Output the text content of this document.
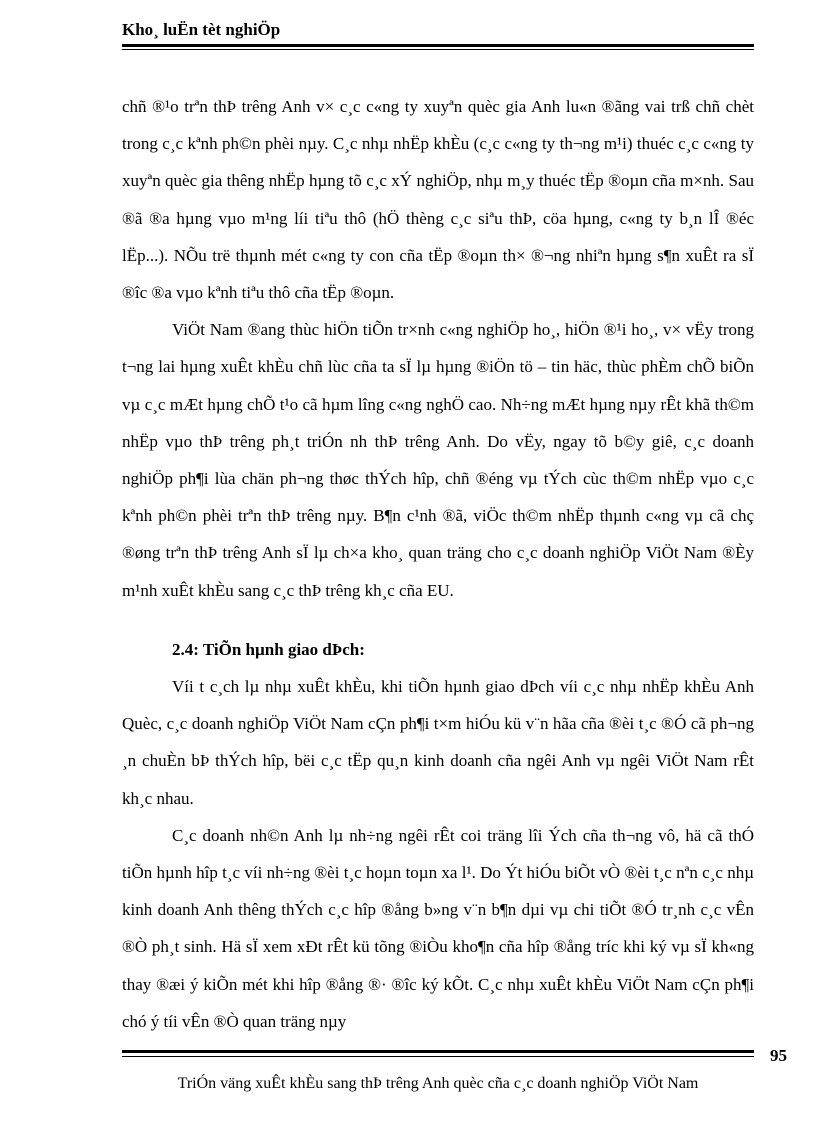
Kho¸ luËn tèt nghiÖp

chñ ®¹o trªn thÞ trêng Anh v× c¸c c«ng ty xuyªn quèc gia Anh lu«n ®ãng vai trß chñ chèt trong c¸c kªnh ph©n phèi nµy. C¸c nhµ nhËp khÈu (c¸c c«ng ty th¬ng m¹i) thuéc c¸c c«ng ty xuyªn quèc gia thêng nhËp hµng tõ c¸c xÝ nghiÖp, nhµ m¸y thuéc tËp ®oµn cña m×nh. Sau ®ã ®a hµng vµo m¹ng líi tiªu thô (hÖ thèng c¸c siªu thÞ, cöa hµng, c«ng ty b¸n lÎ ®éc lËp...). NÕu trë thµnh mét c«ng ty con cña tËp ®oµn th× ®¬ng nhiªn hµng s¶n xuÊt ra sÏ ®îc ®a vµo kªnh tiªu thô cña tËp ®oµn.

ViÖt Nam ®ang thùc hiÖn tiÕn tr×nh c«ng nghiÖp ho¸, hiÖn ®¹i ho¸, v× vËy trong t¬ng lai hµng xuÊt khÈu chñ lùc cña ta sÏ lµ hµng ®iÖn tö – tin häc, thùc phÈm chÕ biÕn vµ c¸c mÆt hµng chÕ t¹o cã hµm lîng c«ng nghÖ cao. Nh÷ng mÆt hµng nµy rÊt khã th©m nhËp vµo thÞ trêng ph¸t triÓn nh thÞ trêng Anh. Do vËy, ngay tõ b©y giê, c¸c doanh nghiÖp ph¶i lùa chän ph¬ng thøc thÝch hîp, chñ ®éng vµ tÝch cùc th©m nhËp vµo c¸c kªnh ph©n phèi trªn thÞ trêng nµy. B¶n c¹nh ®ã, viÖc th©m nhËp thµnh c«ng vµ cã chç ®øng trªn thÞ trêng Anh sÏ lµ ch×a kho¸ quan träng cho c¸c doanh nghiÖp ViÖt Nam ®Èy m¹nh xuÊt khÈu sang c¸c thÞ trêng kh¸c cña EU.

2.4: TiÕn hµnh giao dÞch:

Víi t c¸ch lµ nhµ xuÊt khÈu, khi tiÕn hµnh giao dÞch víi c¸c nhµ nhËp khÈu Anh Quèc, c¸c doanh nghiÖp ViÖt Nam cÇn ph¶i t×m hiÓu kü v¨n hãa cña ®èi t¸c ®Ó cã ph¬ng ¸n chuÈn bÞ thÝch hîp, bëi c¸c tËp qu¸n kinh doanh cña ngêi Anh vµ ngêi ViÖt Nam rÊt kh¸c nhau.

C¸c doanh nh©n Anh lµ nh÷ng ngêi rÊt coi träng lîi Ých cña th¬ng vô, hä cã thÓ tiÕn hµnh hîp t¸c víi nh÷ng ®èi t¸c hoµn toµn xa l¹. Do Ýt hiÓu biÕt vÒ ®èi t¸c nªn c¸c nhµ kinh doanh Anh thêng thÝch c¸c hîp ®ång b»ng v¨n b¶n dµi vµ chi tiÕt ®Ó tr¸nh c¸c vÊn ®Ò ph¸t sinh. Hä sÏ xem xÐt rÊt kü tõng ®iÒu kho¶n cña hîp ®ång tríc khi ký vµ sÏ kh«ng thay ®æi ý kiÕn mét khi hîp ®ång ®· ®îc ký kÕt. C¸c nhµ xuÊt khÈu ViÖt Nam cÇn ph¶i chó ý tíi vÊn ®Ò quan träng nµy

95
TriÓn väng xuÊt khÈu sang thÞ trêng Anh quèc cña c¸c doanh nghiÖp ViÖt Nam
